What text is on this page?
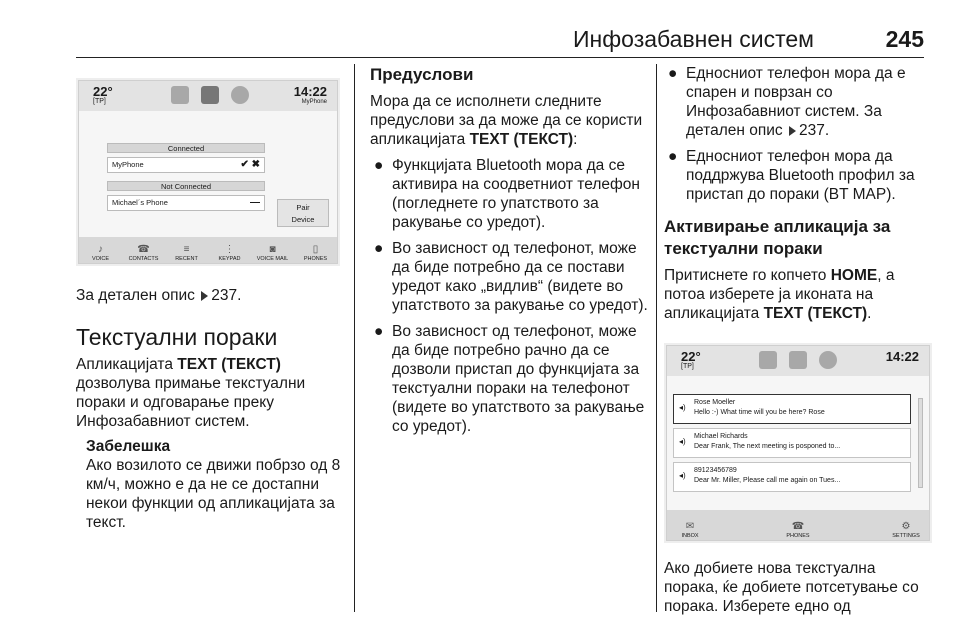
Инфозабавнен систем	245
22°
[TP]
14:22
MyPhone
Connected
MyPhone	✔ ✖
Not Connected
Michael´s Phone	—	Pair
Device
♪
VOICE
☎
CONTACTS
≡
RECENT
⋮
KEYPAD
◙
VOICE MAIL
▯
PHONES

За детален опис 237.

Текстуални пораки

Апликацијата TEXT (ТЕКСТ) дозволува примање текстуални пораки и одговарање преку Инфозабавниот систем.

Забелешка

Ако возилото се движи побрзо од 8 км/ч, можно е да не се достапни некои функции од апликацијата за текст.

Предуслови

Мора да се исполнети следните предуслови за да може да се користи апликацијата TEXT (ТЕКСТ):

● Функцијата Bluetooth мора да се активира на соодветниот телефон (погледнете го упатството за ракување со уредот).
● Во зависност од телефонот, може да биде потребно да се постави уредот како „видлив“ (видете во упатството за ракување со уредот).
● Во зависност од телефонот, може да биде потребно рачно да се дозволи пристап до функцијата за текстуални пораки на телефонот (видете во упатството за ракување со уредот).
● Едносниот телефон мора да е спарен и поврзан со Инфозабавниот систем. За детален опис 237.
● Едносниот телефон мора да поддржува Bluetooth профил за пристап до пораки (BT MAP).
Активирање апликација за текстуални пораки

Притиснете го копчето HOME, а потоа изберете ја иконата на апликацијата TEXT (ТЕКСТ).

22°
[TP]
14:22
◂)
Rose Moeller
Hello :-) What time will you be here? Rose
◂)
Michael Richards
Dear Frank, The next meeting is posponed to...
◂)
89123456789
Dear Mr. Miller, Please call me again on Tues...
✉
INBOX
☎
PHONES
⚙
SETTINGS

Ако добиете нова текстуална порака, ќе добиете потсетување со порака. Изберете едно од
